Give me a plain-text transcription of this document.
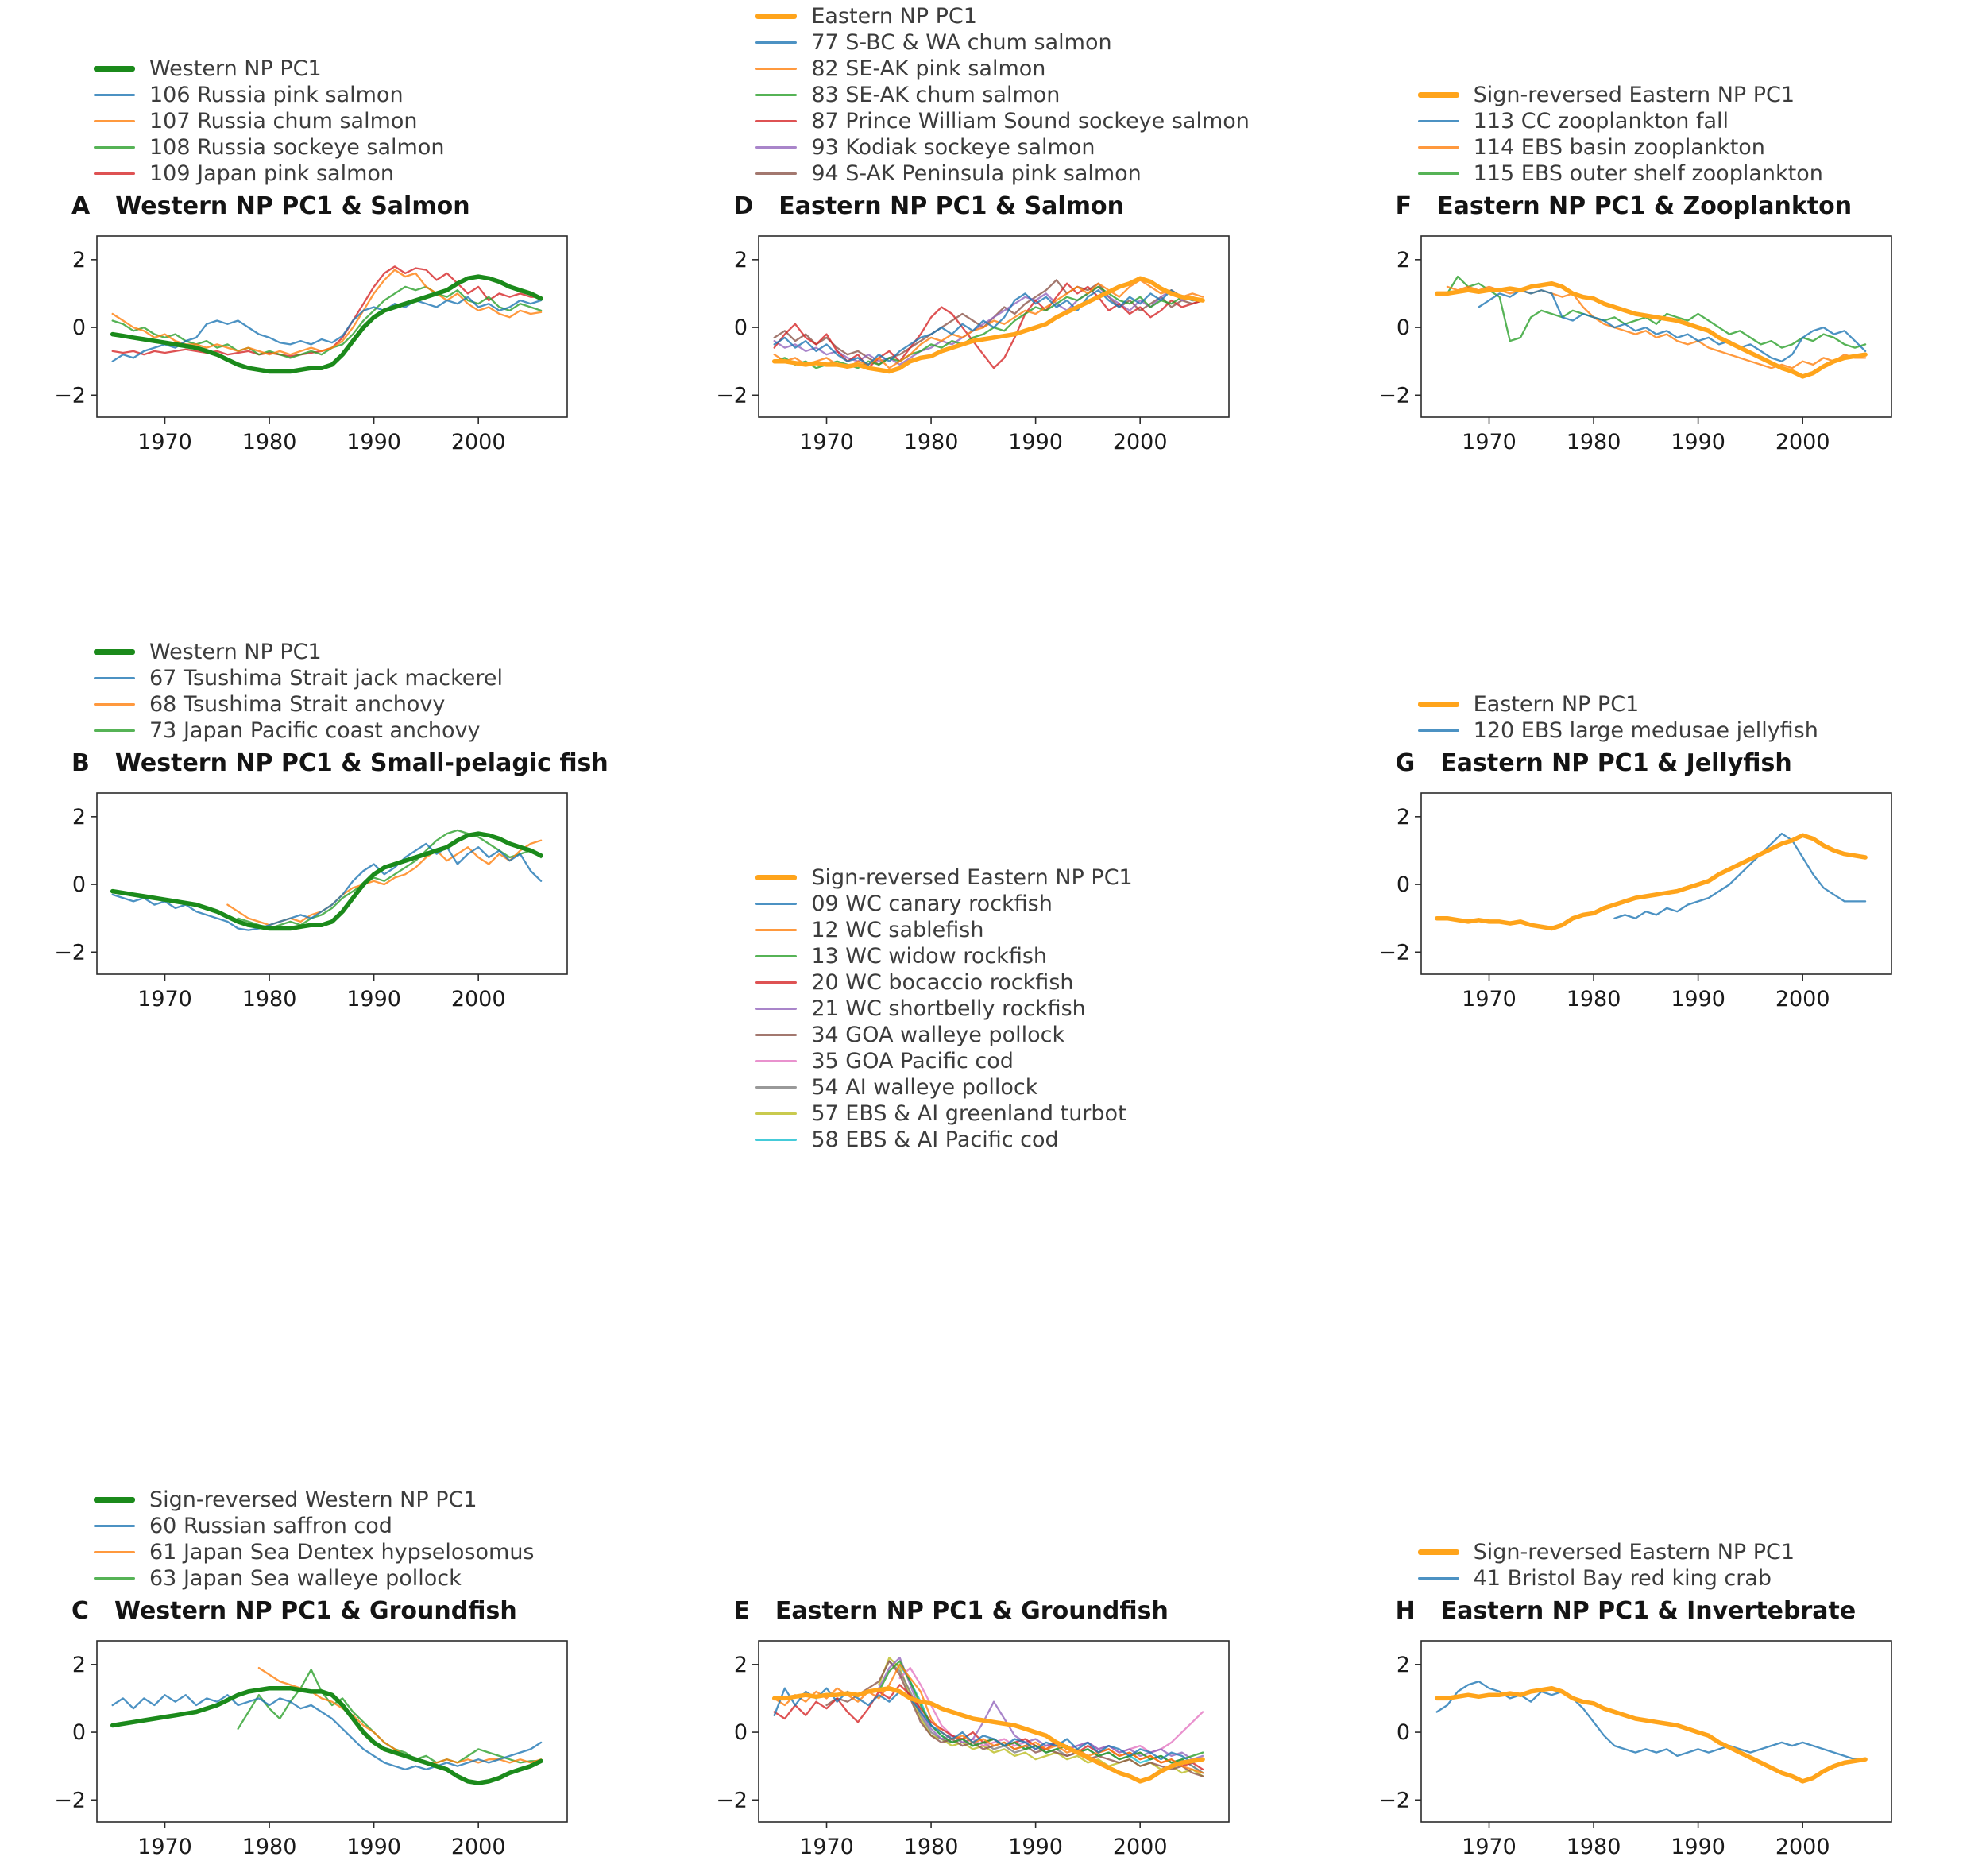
Western NP PC1
106 Russia pink salmon
107 Russia chum salmon
108 Russia sockeye salmon
109 Japan pink salmon
A Western NP PC1 & Salmon
−2
0
2
1970 1980 1990 2000
Eastern NP PC1
77 S-BC & WA chum salmon
82 SE-AK pink salmon
83 SE-AK chum salmon
87 Prince William Sound sockeye salmon
93 Kodiak sockeye salmon
94 S-AK Peninsula pink salmon
D Eastern NP PC1 & Salmon
−2
0
2
1970 1980 1990 2000
Sign-reversed Eastern NP PC1
113 CC zooplankton fall
114 EBS basin zooplankton
115 EBS outer shelf zooplankton
F Eastern NP PC1 & Zooplankton
−2
0
2
1970 1980 1990 2000
Western NP PC1
67 Tsushima Strait jack mackerel
68 Tsushima Strait anchovy
73 Japan Pacific coast anchovy
B Western NP PC1 & Small-pelagic fish
−2
0
2
1970 1980 1990 2000
Sign-reversed Eastern NP PC1
09 WC canary rockfish
12 WC sablefish
13 WC widow rockfish
20 WC bocaccio rockfish
21 WC shortbelly rockfish
34 GOA walleye pollock
35 GOA Pacific cod
54 AI walleye pollock
57 EBS & AI greenland turbot
58 EBS & AI Pacific cod
Eastern NP PC1
120 EBS large medusae jellyfish
G Eastern NP PC1 & Jellyfish
−2
0
2
1970 1980 1990 2000
Sign-reversed Western NP PC1
60 Russian saffron cod
61 Japan Sea Dentex hypselosomus
63 Japan Sea walleye pollock
C Western NP PC1 & Groundfish
−2
0
2
1970 1980 1990 2000
E Eastern NP PC1 & Groundfish
−2
0
2
1970 1980 1990 2000
Sign-reversed Eastern NP PC1
41 Bristol Bay red king crab
H Eastern NP PC1 & Invertebrate
−2
0
2
1970 1980 1990 2000
